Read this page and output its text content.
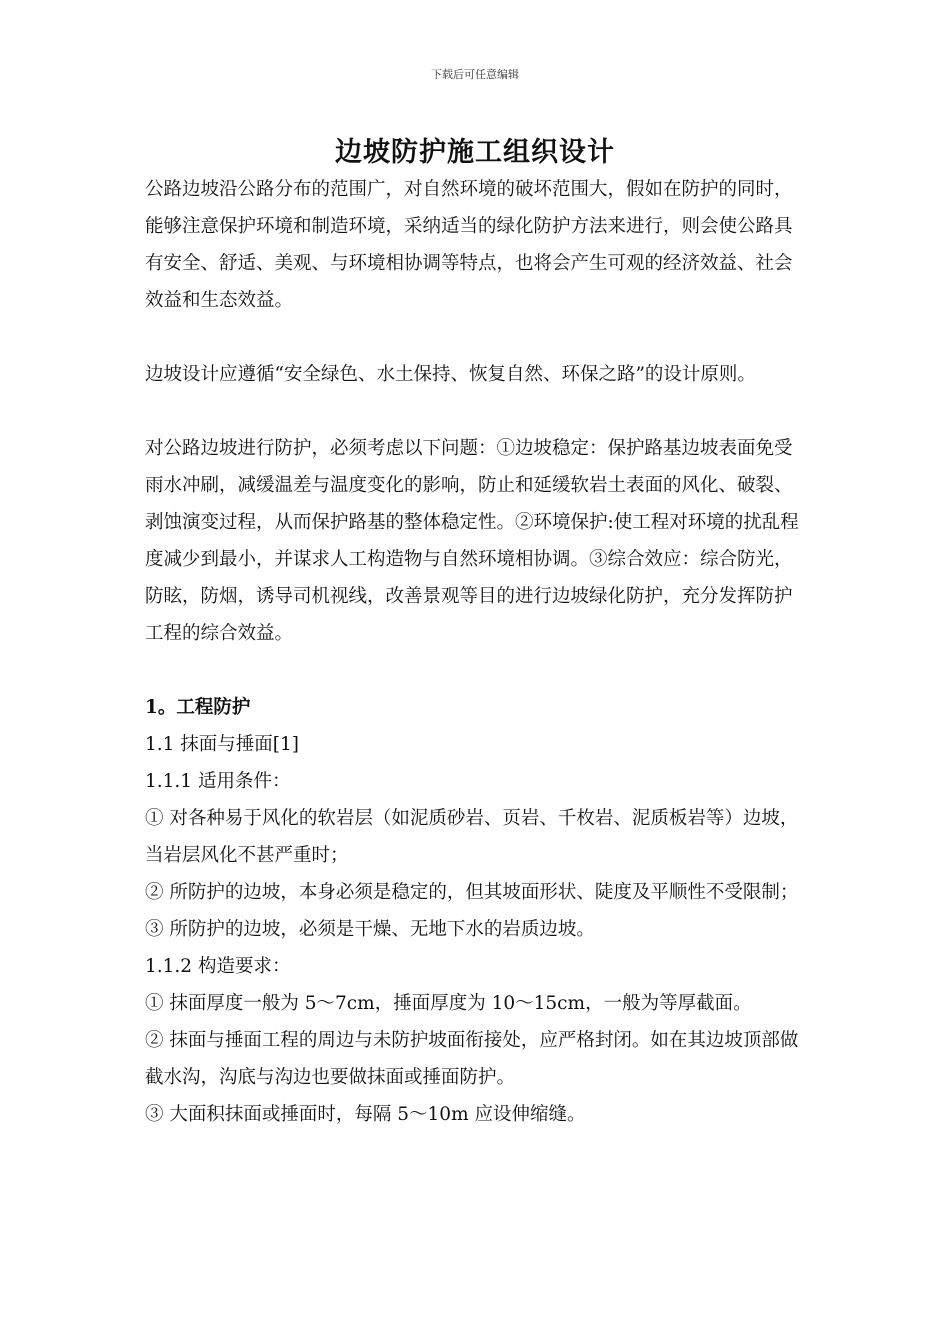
下载后可任意编辑
边坡防护施工组织设计

公路边坡沿公路分布的范围广，对自然环境的破坏范围大，假如在防护的同时，能够注意保护环境和制造环境，采纳适当的绿化防护方法来进行，则会使公路具有安全、舒适、美观、与环境相协调等特点，也将会产生可观的经济效益、社会效益和生态效益。

边坡设计应遵循“安全绿色、水土保持、恢复自然、环保之路”的设计原则。

对公路边坡进行防护，必须考虑以下问题：①边坡稳定：保护路基边坡表面免受雨水冲刷，减缓温差与温度变化的影响，防止和延缓软岩土表面的风化、破裂、剥蚀演变过程，从而保护路基的整体稳定性。②环境保护:使工程对环境的扰乱程度减少到最小，并谋求人工构造物与自然环境相协调。③综合效应：综合防光，防眩，防烟，诱导司机视线，改善景观等目的进行边坡绿化防护，充分发挥防护工程的综合效益。

1。工程防护

1.1 抹面与捶面[1]

1.1.1 适用条件：

① 对各种易于风化的软岩层（如泥质砂岩、页岩、千枚岩、泥质板岩等）边坡，当岩层风化不甚严重时；

② 所防护的边坡，本身必须是稳定的，但其坡面形状、陡度及平顺性不受限制；

③ 所防护的边坡，必须是干燥、无地下水的岩质边坡。

1.1.2 构造要求：

① 抹面厚度一般为 5～7cm，捶面厚度为 10～15cm，一般为等厚截面。

② 抹面与捶面工程的周边与未防护坡面衔接处，应严格封闭。如在其边坡顶部做截水沟，沟底与沟边也要做抹面或捶面防护。

③ 大面积抹面或捶面时，每隔 5～10m 应设伸缩缝。
